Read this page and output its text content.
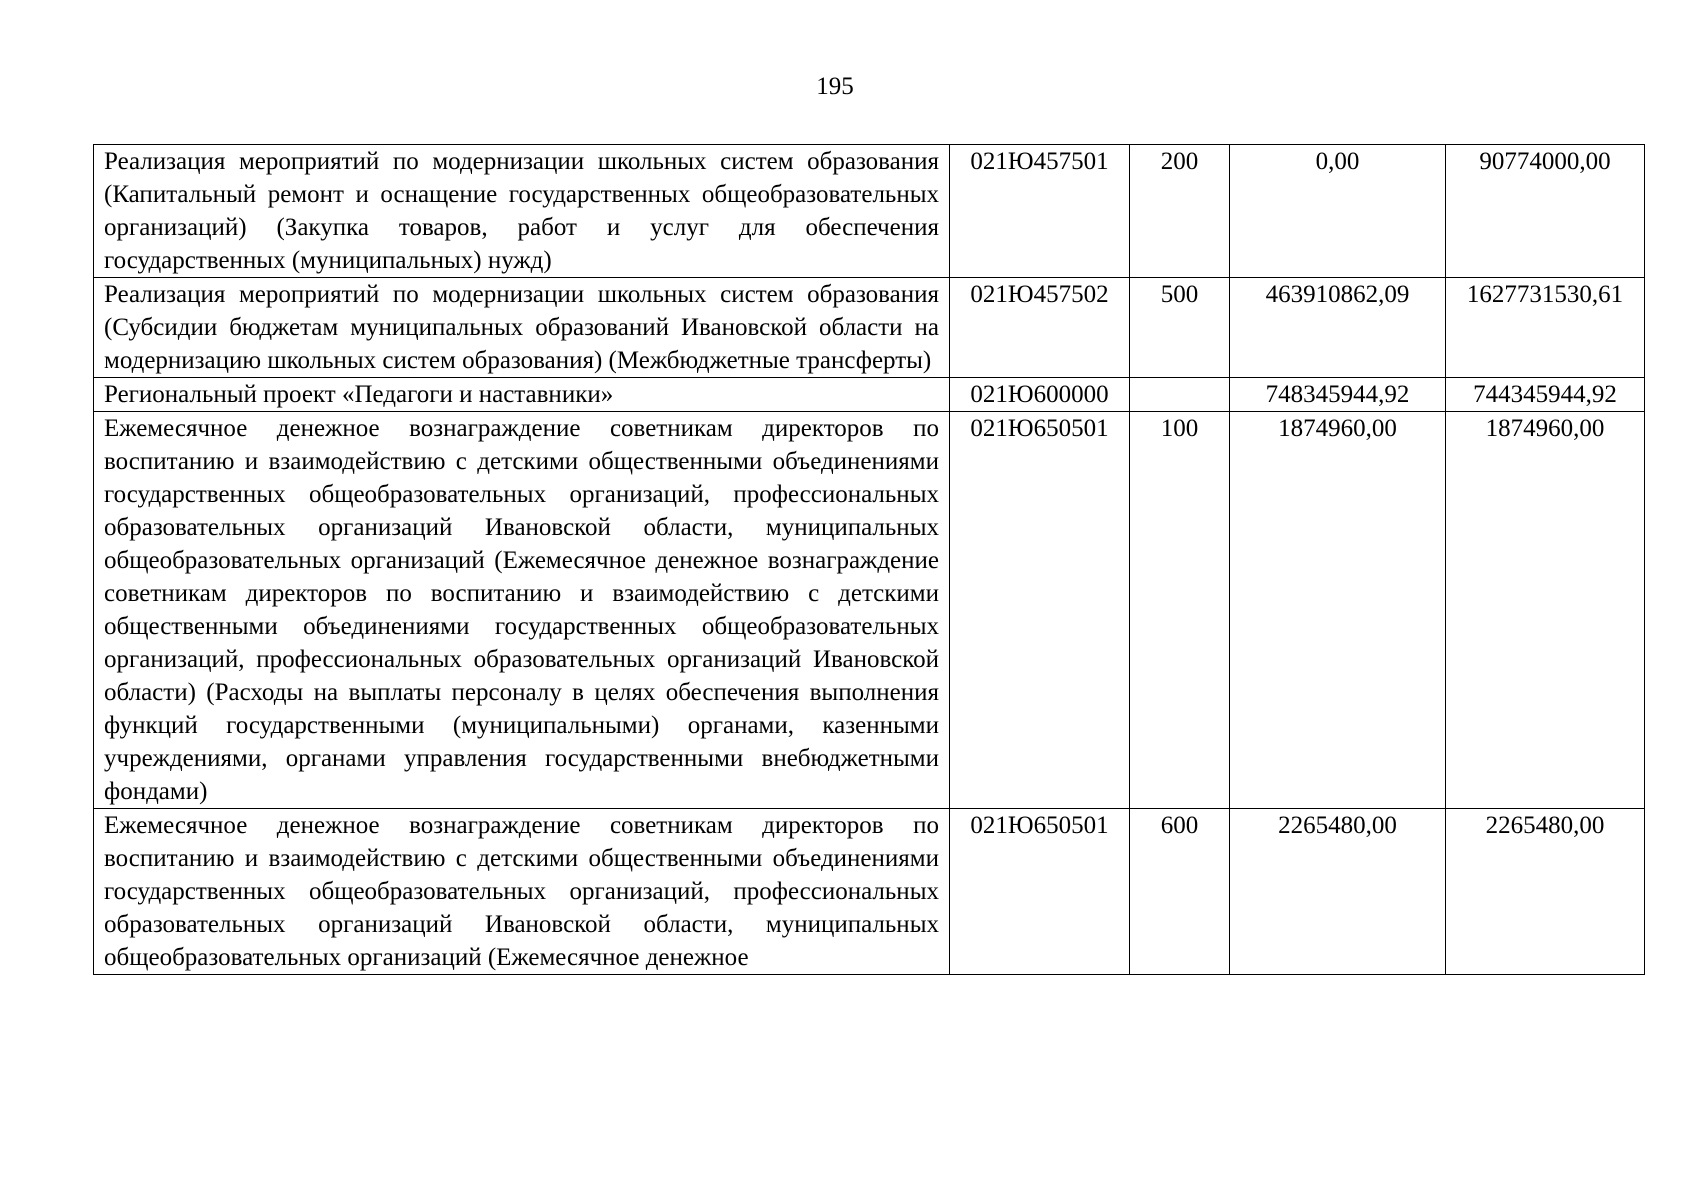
195
Реализация мероприятий по модернизации школьных систем образования (Капитальный ремонт и оснащение государственных общеобразовательных организаций) (Закупка товаров, работ и услуг для обеспечения государственных (муниципальных) нужд)	021Ю457501	200	0,00	90774000,00
Реализация мероприятий по модернизации школьных систем образования (Субсидии бюджетам муниципальных образований Ивановской области на модернизацию школьных систем образования) (Межбюджетные трансферты)	021Ю457502	500	463910862,09	1627731530,61
Региональный проект «Педагоги и наставники»	021Ю600000		748345944,92	744345944,92
Ежемесячное денежное вознаграждение советникам директоров по воспитанию и взаимодействию с детскими общественными объединениями государственных общеобразовательных организаций, профессиональных образовательных организаций Ивановской области, муниципальных общеобразовательных организаций (Ежемесячное денежное вознаграждение советникам директоров по воспитанию и взаимодействию с детскими общественными объединениями государственных общеобразовательных организаций, профессиональных образовательных организаций Ивановской области) (Расходы на выплаты персоналу в целях обеспечения выполнения функций государственными (муниципальными) органами, казенными учреждениями, органами управления государственными внебюджетными фондами)	021Ю650501	100	1874960,00	1874960,00
Ежемесячное денежное вознаграждение советникам директоров по воспитанию и взаимодействию с детскими общественными объединениями государственных общеобразовательных организаций, профессиональных образовательных организаций Ивановской области, муниципальных общеобразовательных организаций (Ежемесячное денежное	021Ю650501	600	2265480,00	2265480,00
